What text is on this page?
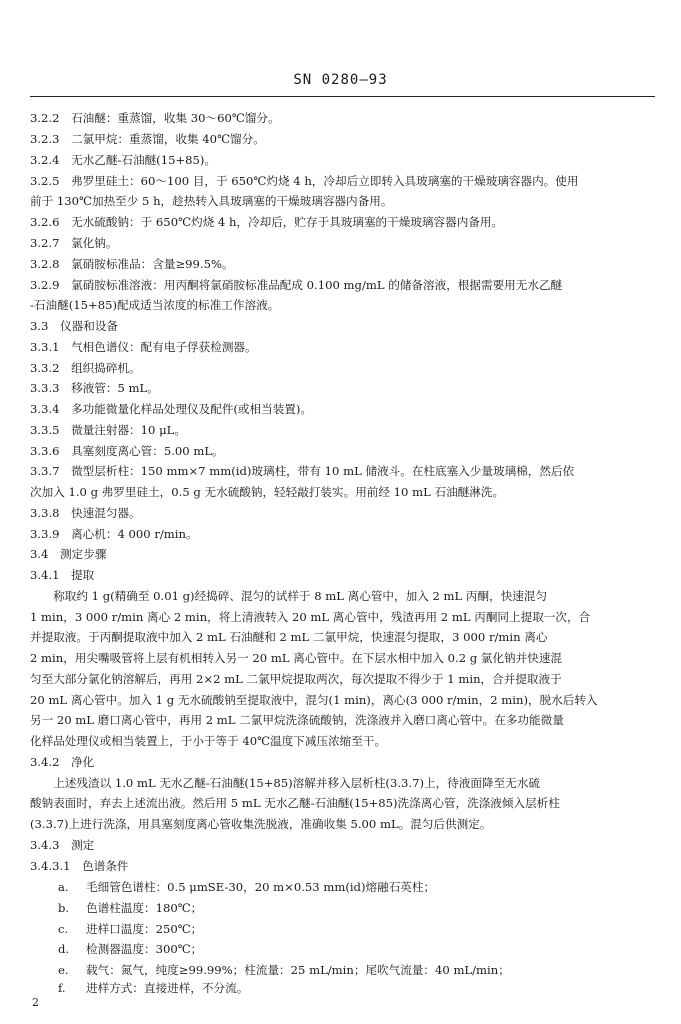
SN 0280—93
3.2.2　石油醚：重蒸馏，收集 30～60℃馏分。
3.2.3　二氯甲烷：重蒸馏，收集 40℃馏分。
3.2.4　无水乙醚-石油醚(15+85)。
3.2.5　弗罗里硅土：60～100 目，于 650℃灼烧 4 h，冷却后立即转入具玻璃塞的干燥玻璃容器内。使用
前于 130℃加热至少 5 h，趁热转入具玻璃塞的干燥玻璃容器内备用。
3.2.6　无水硫酸钠：于 650℃灼烧 4 h，冷却后，贮存于具玻璃塞的干燥玻璃容器内备用。
3.2.7　氯化钠。
3.2.8　氯硝胺标准品：含量≥99.5%。
3.2.9　氯硝胺标准溶液：用丙酮将氯硝胺标准品配成 0.100 mg/mL 的储备溶液，根据需要用无水乙醚
-石油醚(15+85)配成适当浓度的标准工作溶液。
3.3　仪器和设备
3.3.1　气相色谱仪：配有电子俘获检测器。
3.3.2　组织捣碎机。
3.3.3　移液管：5 mL。
3.3.4　多功能微量化样品处理仪及配件(或相当装置)。
3.3.5　微量注射器：10 μL。
3.3.6　具塞刻度离心管：5.00 mL。
3.3.7　微型层析柱：150 mm×7 mm(id)玻璃柱，带有 10 mL 储液斗。在柱底塞入少量玻璃棉，然后依
次加入 1.0 g 弗罗里硅土，0.5 g 无水硫酸钠，轻轻敲打装实。用前经 10 mL 石油醚淋洗。
3.3.8　快速混匀器。
3.3.9　离心机：4 000 r/min。
3.4　测定步骤
3.4.1　提取
　　称取约 1 g(精确至 0.01 g)经捣碎、混匀的试样于 8 mL 离心管中，加入 2 mL 丙酮，快速混匀
1 min，3 000 r/min 离心 2 min，将上清液转入 20 mL 离心管中，残渣再用 2 mL 丙酮同上提取一次，合
并提取液。于丙酮提取液中加入 2 mL 石油醚和 2 mL 二氯甲烷，快速混匀提取，3 000 r/min 离心
2 min，用尖嘴吸管将上层有机相转入另一 20 mL 离心管中。在下层水相中加入 0.2 g 氯化钠并快速混
匀至大部分氯化钠溶解后，再用 2×2 mL 二氯甲烷提取两次，每次提取不得少于 1 min，合并提取液于
20 mL 离心管中。加入 1 g 无水硫酸钠至提取液中，混匀(1 min)，离心(3 000 r/min，2 min)，脱水后转入
另一 20 mL 磨口离心管中，再用 2 mL 二氯甲烷洗涤硫酸钠，洗涤液并入磨口离心管中。在多功能微量
化样品处理仪或相当装置上，于小于等于 40℃温度下减压浓缩至干。
3.4.2　净化
　　上述残渣以 1.0 mL 无水乙醚-石油醚(15+85)溶解并移入层析柱(3.3.7)上，待液面降至无水硫
酸钠表面时，弃去上述流出液。然后用 5 mL 无水乙醚-石油醚(15+85)洗涤离心管，洗涤液倾入层析柱
(3.3.7)上进行洗涤，用具塞刻度离心管收集洗脱液，准确收集 5.00 mL。混匀后供测定。
3.4.3　测定
3.4.3.1　色谱条件
a. 毛细管色谱柱：0.5 μmSE-30，20 m×0.53 mm(id)熔融石英柱；
b. 色谱柱温度：180℃；
c. 进样口温度：250℃；
d. 检测器温度：300℃；
e. 载气：氮气，纯度≥99.99%；柱流量：25 mL/min；尾吹气流量：40 mL/min；
f. 进样方式：直接进样，不分流。
2
